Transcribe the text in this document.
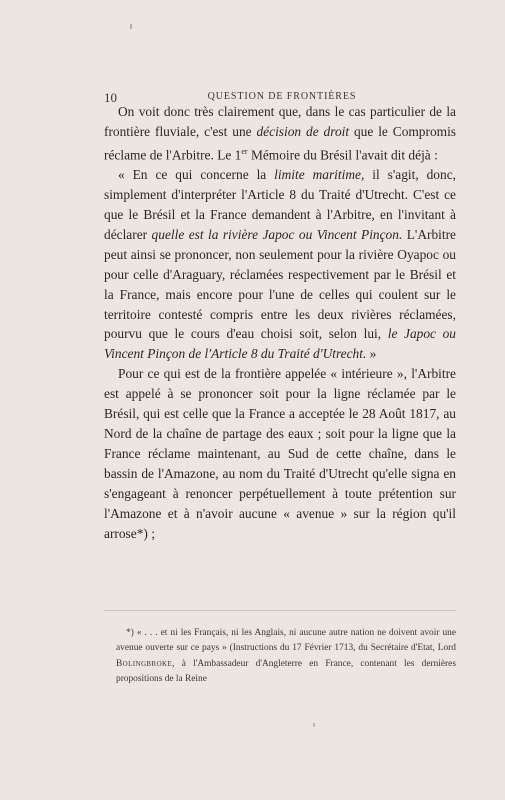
10	QUESTION DE FRONTIÈRES

On voit donc très clairement que, dans le cas particulier de la frontière fluviale, c'est une décision de droit que le Compromis réclame de l'Arbitre. Le 1er Mémoire du Brésil l'avait dit déjà :

« En ce qui concerne la limite maritime, il s'agit, donc, simplement d'interpréter l'Article 8 du Traité d'Utrecht. C'est ce que le Brésil et la France demandent à l'Arbitre, en l'invitant à déclarer quelle est la rivière Japoc ou Vincent Pinçon. L'Arbitre peut ainsi se prononcer, non seulement pour la rivière Oyapoc ou pour celle d'Araguary, réclamées respectivement par le Brésil et la France, mais encore pour l'une de celles qui coulent sur le territoire contesté compris entre les deux rivières réclamées, pourvu que le cours d'eau choisi soit, selon lui, le Japoc ou Vincent Pinçon de l'Article 8 du Traité d'Utrecht. »

Pour ce qui est de la frontière appelée « intérieure », l'Arbitre est appelé à se prononcer soit pour la ligne réclamée par le Brésil, qui est celle que la France a acceptée le 28 Août 1817, au Nord de la chaîne de partage des eaux ; soit pour la ligne que la France réclame maintenant, au Sud de cette chaîne, dans le bassin de l'Amazone, au nom du Traité d'Utrecht qu'elle signa en s'engageant à renoncer perpétuellement à toute prétention sur l'Amazone et à n'avoir aucune « avenue » sur la région qu'il arrose*) ;

*) « . . . et ni les Français, ni les Anglais, ni aucune autre nation ne doivent avoir une avenue ouverte sur ce pays » (Instructions du 17 Février 1713, du Secrétaire d'Etat, Lord Bolingbroke, à l'Ambassadeur d'Angleterre en France, contenant les dernières propositions de la Reine
